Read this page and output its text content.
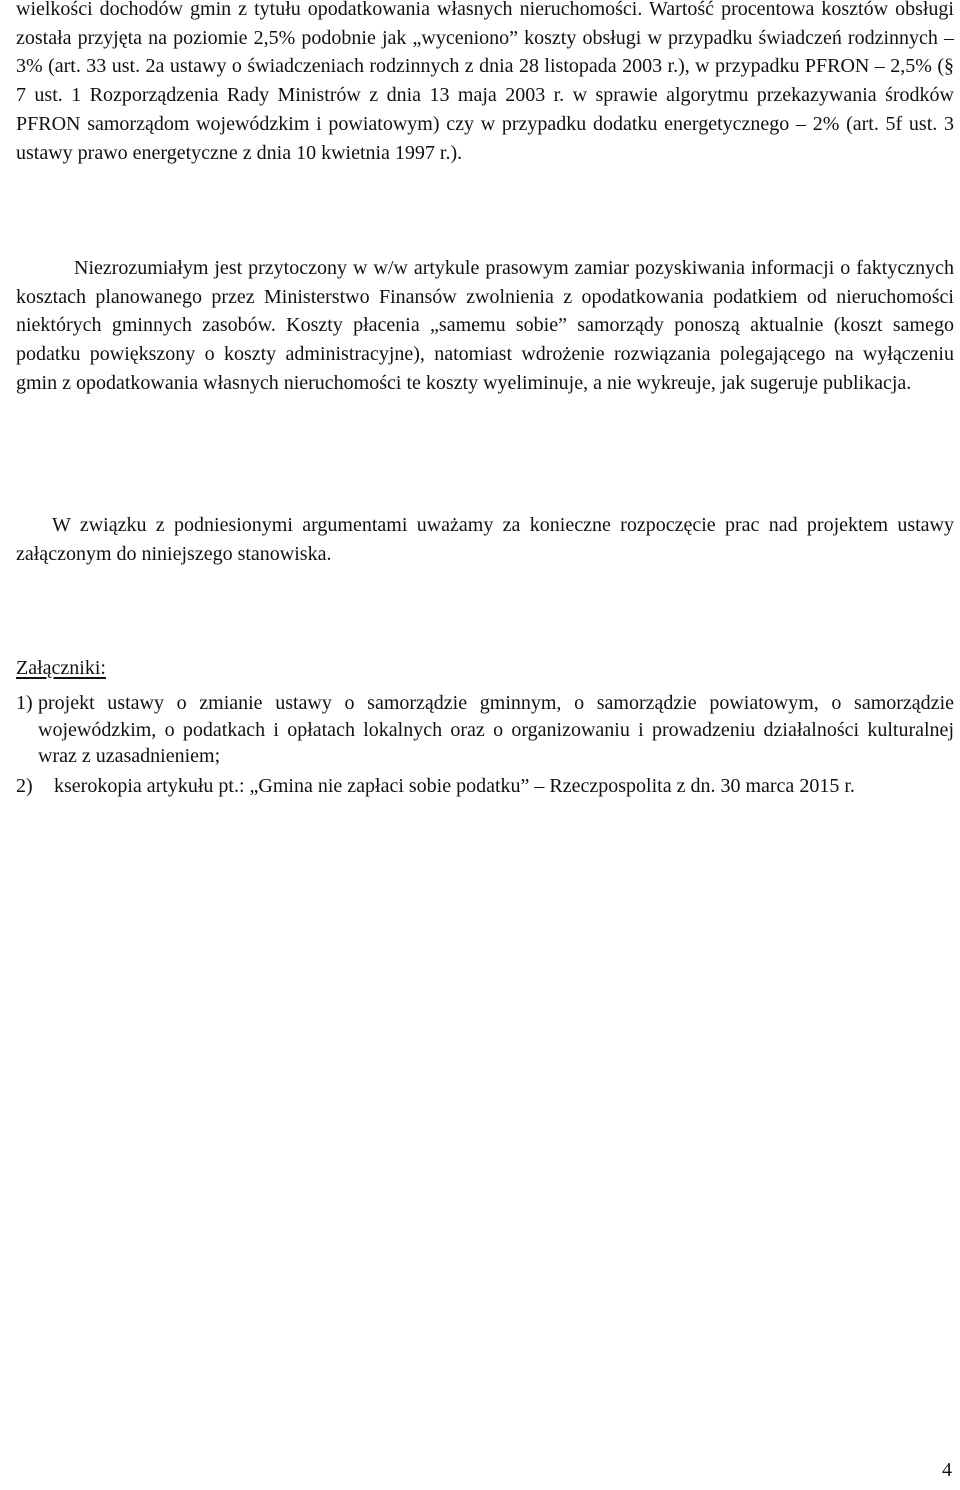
wielkości dochodów gmin z tytułu opodatkowania własnych nieruchomości. Wartość procentowa kosztów obsługi została przyjęta na poziomie 2,5% podobnie jak „wyceniono” koszty obsługi w przypadku świadczeń rodzinnych – 3% (art. 33 ust. 2a ustawy o świadczeniach rodzinnych z dnia 28 listopada 2003 r.), w przypadku PFRON – 2,5% (§ 7 ust. 1 Rozporządzenia Rady Ministrów z dnia 13 maja 2003 r. w sprawie algorytmu przekazywania środków PFRON samorządom wojewódzkim i powiatowym) czy w przypadku dodatku energetycznego – 2% (art. 5f ust. 3 ustawy prawo energetyczne z dnia 10 kwietnia 1997 r.).

Niezrozumiałym jest przytoczony w w/w artykule prasowym zamiar pozyskiwania informacji o faktycznych kosztach planowanego przez Ministerstwo Finansów zwolnienia z opodatkowania podatkiem od nieruchomości niektórych gminnych zasobów. Koszty płacenia „samemu sobie” samorządy ponoszą aktualnie (koszt samego podatku powiększony o koszty administracyjne), natomiast wdrożenie rozwiązania polegającego na wyłączeniu gmin z opodatkowania własnych nieruchomości te koszty wyeliminuje, a nie wykreuje, jak sugeruje publikacja.

W związku z podniesionymi argumentami uważamy za konieczne rozpoczęcie prac nad projektem ustawy załączonym do niniejszego stanowiska.

Załączniki:
1) projekt ustawy o zmianie ustawy o samorządzie gminnym, o samorządzie powiatowym, o samorządzie wojewódzkim, o podatkach i opłatach lokalnych oraz o organizowaniu i prowadzeniu działalności kulturalnej wraz z uzasadnieniem;
2)	kserokopia artykułu pt.: „Gmina nie zapłaci sobie podatku” – Rzeczpospolita z dn. 30 marca 2015 r.
4
